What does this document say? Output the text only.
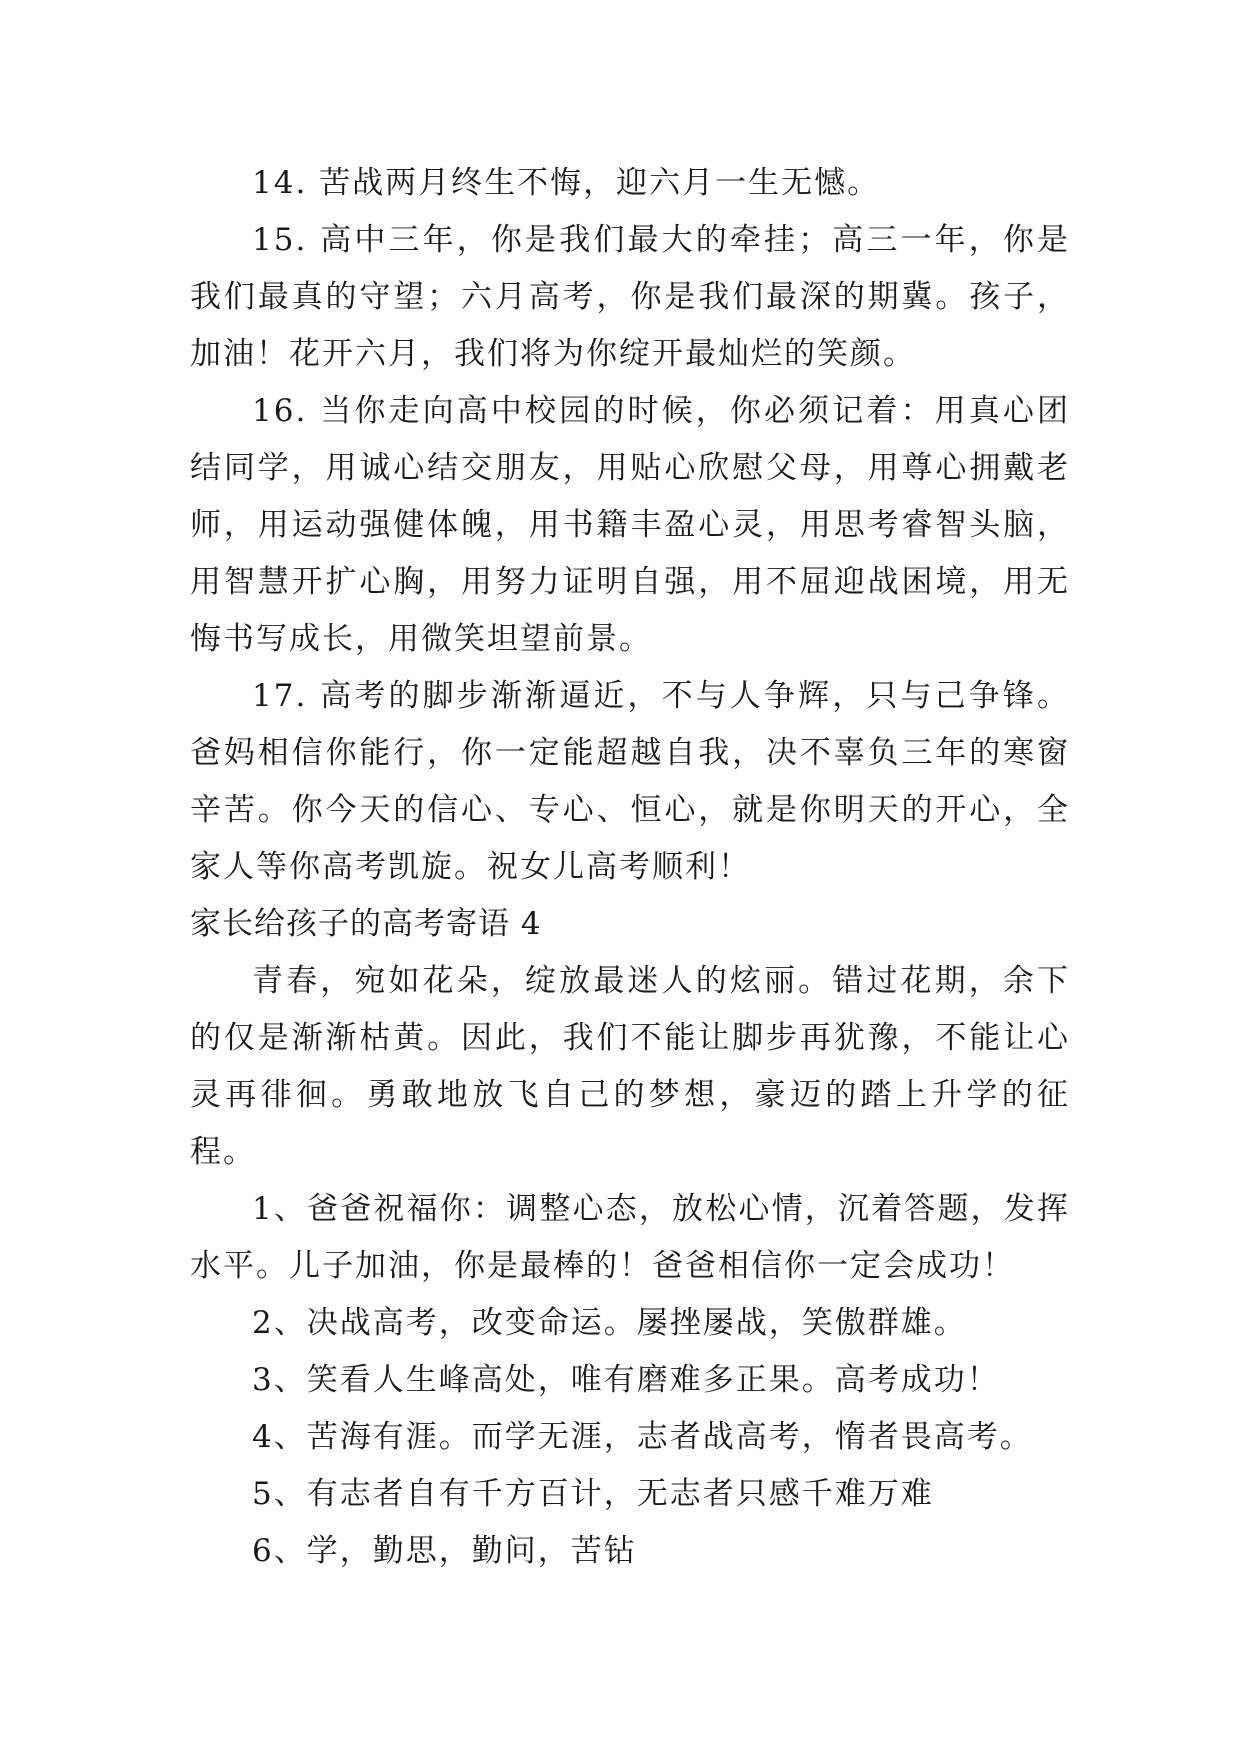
14. 苦战两月终生不悔，迎六月一生无憾。

15. 高中三年，你是我们最大的牵挂；高三一年，你是我们最真的守望；六月高考，你是我们最深的期冀。孩子，加油！花开六月，我们将为你绽开最灿烂的笑颜。

16. 当你走向高中校园的时候，你必须记着：用真心团结同学，用诚心结交朋友，用贴心欣慰父母，用尊心拥戴老师，用运动强健体魄，用书籍丰盈心灵，用思考睿智头脑，用智慧开扩心胸，用努力证明自强，用不屈迎战困境，用无悔书写成长，用微笑坦望前景。

17. 高考的脚步渐渐逼近，不与人争辉，只与己争锋。爸妈相信你能行，你一定能超越自我，决不辜负三年的寒窗辛苦。你今天的信心、专心、恒心，就是你明天的开心，全家人等你高考凯旋。祝女儿高考顺利！

家长给孩子的高考寄语 4

青春，宛如花朵，绽放最迷人的炫丽。错过花期，余下的仅是渐渐枯黄。因此，我们不能让脚步再犹豫，不能让心灵再徘徊。勇敢地放飞自己的梦想，豪迈的踏上升学的征程。

1、爸爸祝福你：调整心态，放松心情，沉着答题，发挥水平。儿子加油，你是最棒的！爸爸相信你一定会成功！

2、决战高考，改变命运。屡挫屡战，笑傲群雄。

3、笑看人生峰高处，唯有磨难多正果。高考成功！

4、苦海有涯。而学无涯，志者战高考，惰者畏高考。

5、有志者自有千方百计，无志者只感千难万难

6、学，勤思，勤问，苦钻
